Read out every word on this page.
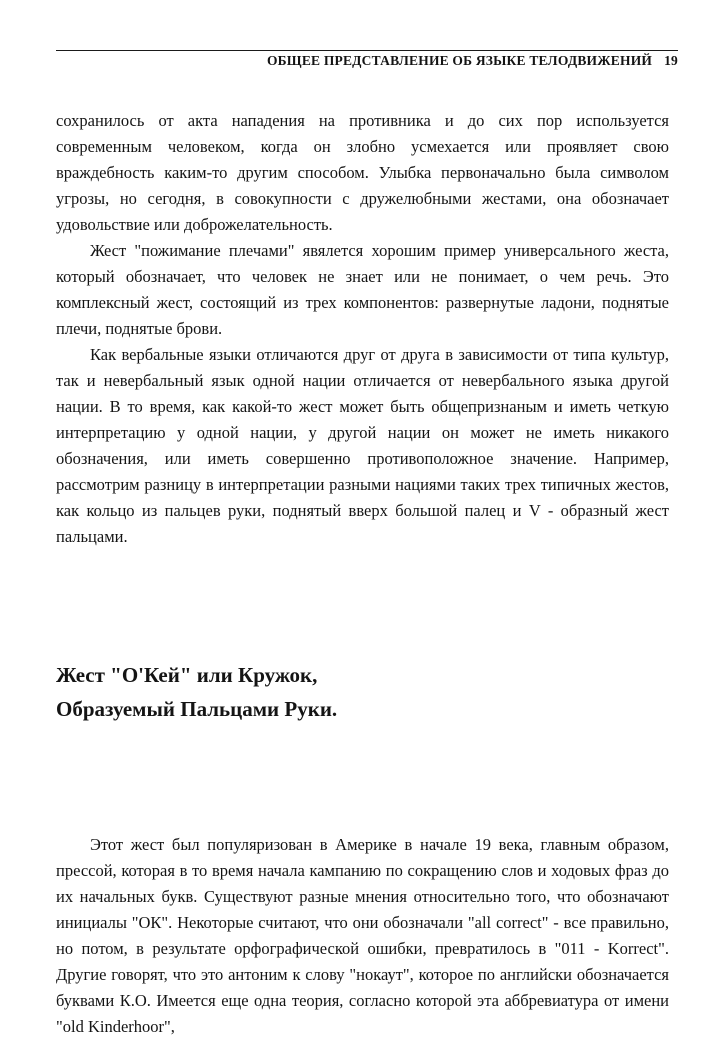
ОБЩЕЕ ПРЕДСТАВЛЕНИЕ ОБ ЯЗЫКЕ ТЕЛОДВИЖЕНИЙ 19

сохранилось от акта нападения на противника и до сих пор используется современным человеком, когда он злобно усмехается или проявляет свою враждебность каким-то другим способом. Улыбка первоначально была символом угрозы, но сегодня, в совокупности с дружелюбными жестами, она обозначает удовольствие или доброжелательность.

Жест "пожимание плечами" явялется хорошим пример универсального жеста, который обозначает, что человек не знает или не понимает, о чем речь. Это комплексный жест, состоящий из трех компонентов: развернутые ладони, поднятые плечи, поднятые брови.

Как вербальные языки отличаются друг от друга в зависимости от типа культур, так и невербальный язык одной нации отличается от невербального языка другой нации. В то время, как какой-то жест может быть общепризнаным и иметь четкую интерпретацию у одной нации, у другой нации он может не иметь никакого обозначения, или иметь совершенно противоположное значение. Например, рассмотрим разницу в интерпретации разными нациями таких трех типичных жестов, как кольцо из пальцев руки, поднятый вверх большой палец и V - образный жест пальцами.

Жест "О'Кей" или Кружок,
Образуемый Пальцами Руки.

Этот жест был популяризован в Америке в начале 19 века, главным образом, прессой, которая в то время начала кампанию по сокращению слов и ходовых фраз до их начальных букв. Существуют разные мнения относительно того, что обозначают инициалы "ОК". Некоторые считают, что они обозначали "all correct" - все правильно, но потом, в результате орфографической ошибки, превратилось в "011 - Korrect". Другие говорят, что это антоним к слову "нокаут", которое по английски обозначается буквами К.О. Имеется еще одна теория, согласно которой эта аббревиатура от имени "old Kinderhoor",
